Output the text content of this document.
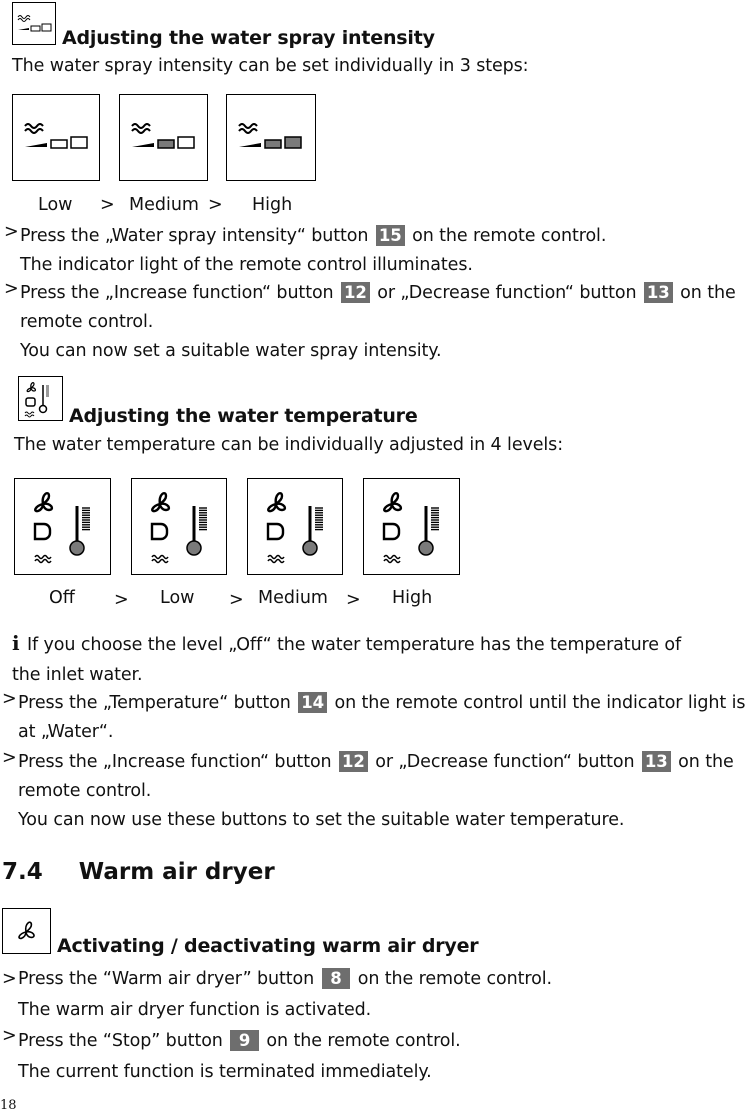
Adjusting the water spray intensity
The water spray intensity can be set individually in 3 steps:
Low > Medium > High
> Press the „Water spray intensity“ button 15 on the remote control.
The indicator light of the remote control illuminates.
> Press the „Increase function“ button 12 or „Decrease function“ button 13 on the
remote control.
You can now set a suitable water spray intensity.
Adjusting the water temperature
The water temperature can be individually adjusted in 4 levels:
Off > Low > Medium > High
i If you choose the level „Off“ the water temperature has the temperature of
the inlet water.
> Press the „Temperature“ button 14 on the remote control until the indicator light is
at „Water“.
> Press the „Increase function“ button 12 or „Decrease function“ button 13 on the
remote control.
You can now use these buttons to set the suitable water temperature.
7.4 Warm air dryer
Activating / deactivating warm air dryer
> Press the “Warm air dryer” button  8  on the remote control.
The warm air dryer function is activated.
> Press the “Stop” button  9  on the remote control.
The current function is terminated immediately.
18
